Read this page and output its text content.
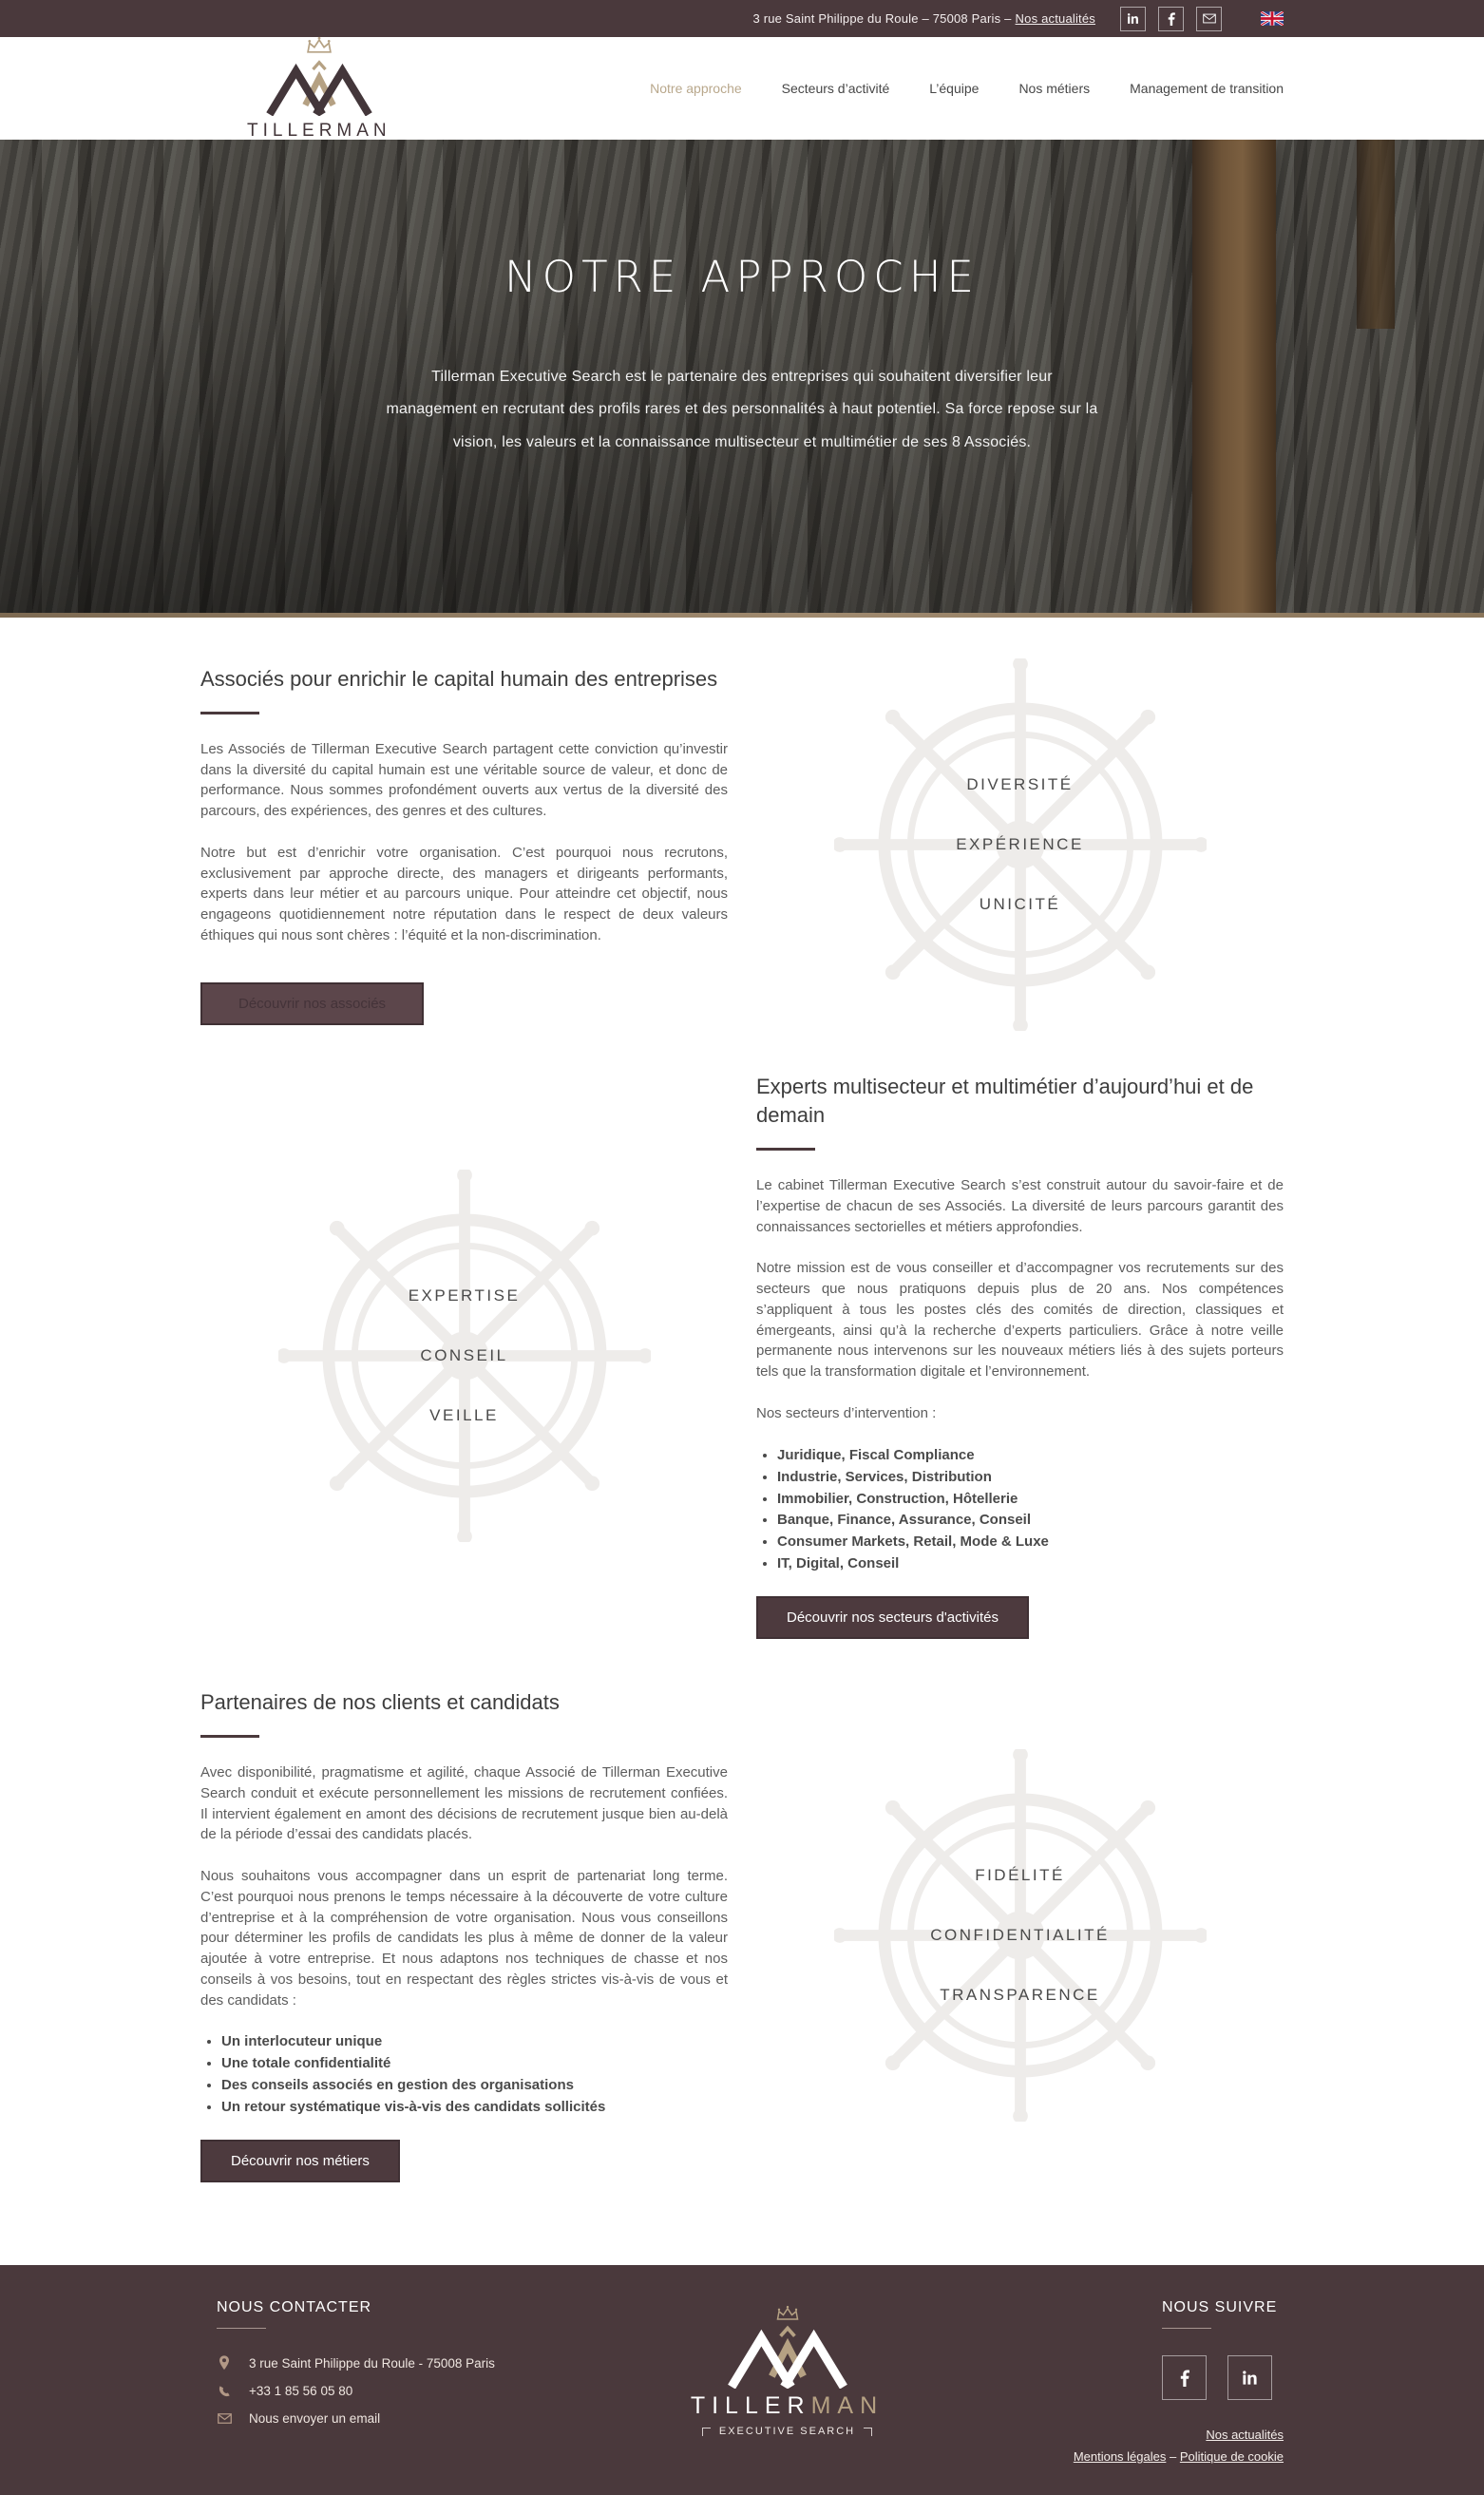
3 rue Saint Philippe du Roule – 75008 Paris – Nos actualités
TILLERMAN
Notre approche	Secteurs d’activité	L’équipe	Nos métiers	Management de transition
NOTRE APPROCHE

Tillerman Executive Search est le partenaire des entreprises qui souhaitent diversifier leur management en recrutant des profils rares et des personnalités à haut potentiel. Sa force repose sur la vision, les valeurs et la connaissance multisecteur et multimétier de ses 8 Associés.

Associés pour enrichir le capital humain des entreprises

Les Associés de Tillerman Executive Search partagent cette conviction qu’investir dans la diversité du capital humain est une véritable source de valeur, et donc de performance. Nous sommes profondément ouverts aux vertus de la diversité des parcours, des expériences, des genres et des cultures.

Notre but est d’enrichir votre organisation. C’est pourquoi nous recrutons, exclusivement par approche directe, des managers et dirigeants performants, experts dans leur métier et au parcours unique. Pour atteindre cet objectif, nous engageons quotidiennement notre réputation dans le respect de deux valeurs éthiques qui nous sont chères : l’équité et la non-discrimination.

Découvrir nos associés
DIVERSITÉ
EXPÉRIENCE
UNICITÉ
EXPERTISE
CONSEIL
VEILLE
Experts multisecteur et multimétier d’aujourd’hui et de demain

Le cabinet Tillerman Executive Search s’est construit autour du savoir-faire et de l’expertise de chacun de ses Associés. La diversité de leurs parcours garantit des connaissances sectorielles et métiers approfondies.

Notre mission est de vous conseiller et d’accompagner vos recrutements sur des secteurs que nous pratiquons depuis plus de 20 ans. Nos compétences s’appliquent à tous les postes clés des comités de direction, classiques et émergeants, ainsi qu’à la recherche d’experts particuliers. Grâce à notre veille permanente nous intervenons sur les nouveaux métiers liés à des sujets porteurs tels que la transformation digitale et l’environnement.

Nos secteurs d’intervention :

• Juridique, Fiscal Compliance
• Industrie, Services, Distribution
• Immobilier, Construction, Hôtellerie
• Banque, Finance, Assurance, Conseil
• Consumer Markets, Retail, Mode & Luxe
• IT, Digital, Conseil
Découvrir nos secteurs d'activités
Partenaires de nos clients et candidats

Avec disponibilité, pragmatisme et agilité, chaque Associé de Tillerman Executive Search conduit et exécute personnellement les missions de recrutement confiées. Il intervient également en amont des décisions de recrutement jusque bien au-delà de la période d’essai des candidats placés.

Nous souhaitons vous accompagner dans un esprit de partenariat long terme. C’est pourquoi nous prenons le temps nécessaire à la découverte de votre culture d’entreprise et à la compréhension de votre organisation. Nous vous conseillons pour déterminer les profils de candidats les plus à même de donner de la valeur ajoutée à votre entreprise. Et nous adaptons nos techniques de chasse et nos conseils à vos besoins, tout en respectant des règles strictes vis-à-vis de vous et des candidats :

• Un interlocuteur unique
• Une totale confidentialité
• Des conseils associés en gestion des organisations
• Un retour systématique vis-à-vis des candidats sollicités
Découvrir nos métiers
FIDÉLITÉ
CONFIDENTIALITÉ
TRANSPARENCE
NOUS CONTACTER
3 rue Saint Philippe du Roule - 75008 Paris
+33 1 85 56 05 80
Nous envoyer un email	TILLERMAN
EXECUTIVE SEARCH
NOUS SUIVRE
Nos actualités
Mentions légales – Politique de cookie
